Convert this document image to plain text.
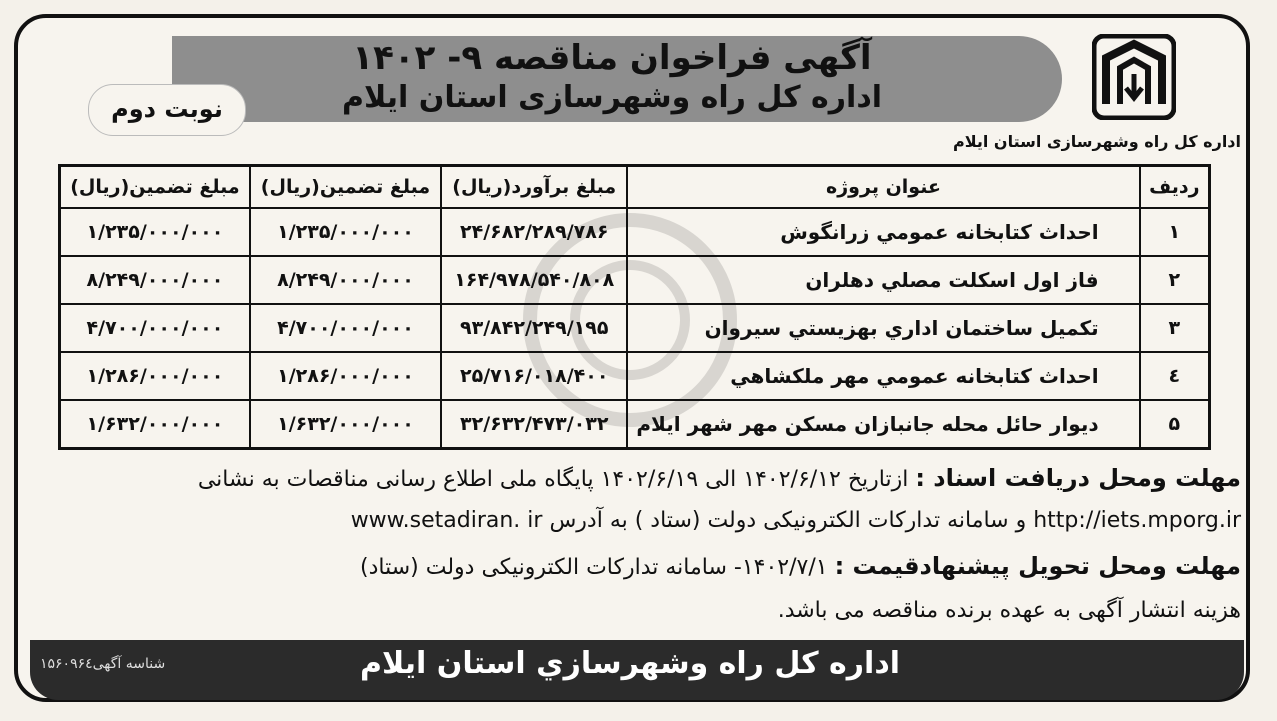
آگهی فراخوان مناقصه ۹- ۱۴۰۲
اداره کل راه وشهرسازی استان ایلام
نوبت دوم
اداره کل راه وشهرسازی استان ایلام
ردیف	عنوان پروژه	مبلغ برآورد(ریال)	مبلغ تضمین(ریال)	مبلغ تضمین(ریال)
۱	احداث کتابخانه عمومي زرانگوش	۲۴/۶۸۲/۲۸۹/۷۸۶	۱/۲۳۵/۰۰۰/۰۰۰	۱/۲۳۵/۰۰۰/۰۰۰
۲	فاز اول اسکلت مصلي دهلران	۱۶۴/۹۷۸/۵۴۰/۸۰۸	۸/۲۴۹/۰۰۰/۰۰۰	۸/۲۴۹/۰۰۰/۰۰۰
۳	تکمیل ساختمان اداري بهزیستي سیروان	۹۳/۸۴۲/۲۴۹/۱۹۵	۴/۷۰۰/۰۰۰/۰۰۰	۴/۷۰۰/۰۰۰/۰۰۰
٤	احداث کتابخانه عمومي مهر ملکشاهي	۲۵/۷۱۶/۰۱۸/۴۰۰	۱/۲۸۶/۰۰۰/۰۰۰	۱/۲۸۶/۰۰۰/۰۰۰
۵	دیوار حائل محله جانبازان مسکن مهر شهر ایلام	۳۲/۶۳۲/۴۷۳/۰۳۲	۱/۶۳۲/۰۰۰/۰۰۰	۱/۶۳۲/۰۰۰/۰۰۰
مهلت ومحل دریافت اسناد : ازتاریخ ۱۴۰۲/۶/۱۲ الی ۱۴۰۲/۶/۱۹ پایگاه ملی اطلاع رسانی مناقصات به نشانی
http://iets.mporg.ir و سامانه تدارکات الکترونیکی دولت (ستاد ) به آدرس www.setadiran. ir
مهلت ومحل تحویل پیشنهادقیمت : ۱۴۰۲/۷/۱- سامانه تدارکات الکترونیکی دولت (ستاد)
هزینه انتشار آگهی به عهده برنده مناقصه می باشد.
اداره کل راه وشهرسازي استان ایلام
شناسه آگهی۱۵۶۰۹۶٤
